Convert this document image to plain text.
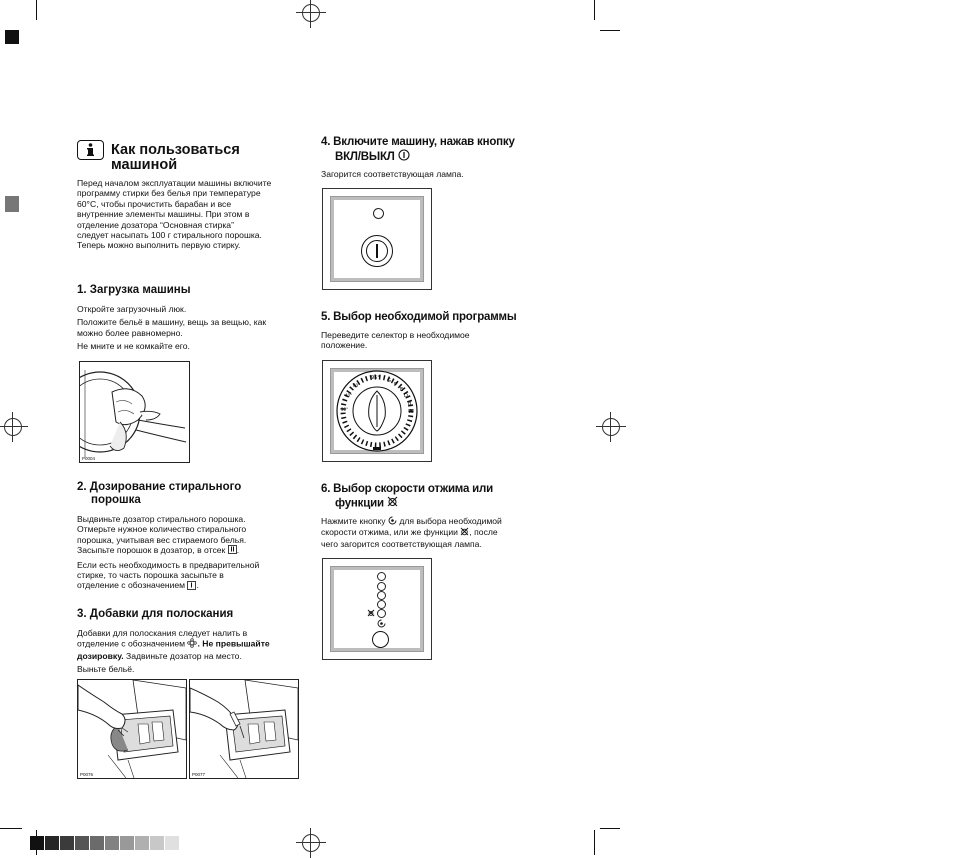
Как пользоваться
машиной
Перед началом эксплуатации машины включите
программу стирки без белья при температуре
60°C, чтобы прочистить барабан и все
внутренние элементы машины. При этом в
отделение дозатора “Основная стирка”
следует насыпать 100 г стирального порошка.
Теперь можно выполнить первую стирку.
1. Загрузка машины
Откройте загрузочный люк.
Положите бельё в машину, вещь за вещью, как
можно более равномерно.
Не мните и не комкайте его.
P0004
2. Дозирование стирального
порошка
Выдвиньте дозатор стирального порошка.
Отмерьте нужное количество стирального
порошка, учитывая вес стираемого белья.
Засыпьте порошок в дозатор, в отсек .
Если есть необходимость в предварительной
стирке, то часть порошка засыпьте в
отделение с обозначением .
3. Добавки для полоскания
Добавки для полоскания следует налить в
отделение с обозначением . Не превышайте
дозировку. Задвиньте дозатор на место.
Выньте бельё.
P0076	P0077
4. Включите машину, нажав кнопку
ВКЛ/ВЫКЛ
Загорится соответствующая лампа.
5. Выбор необходимой программы
Переведите селектор в необходимое
положение.
95° G
F
E
D
B
A
60°
40°
30°
6. Выбор скорости отжима или
функции
Нажмите кнопку для выбора необходимой
скорости отжима, или же функции , после
чего загорится соответствующая лампа.
